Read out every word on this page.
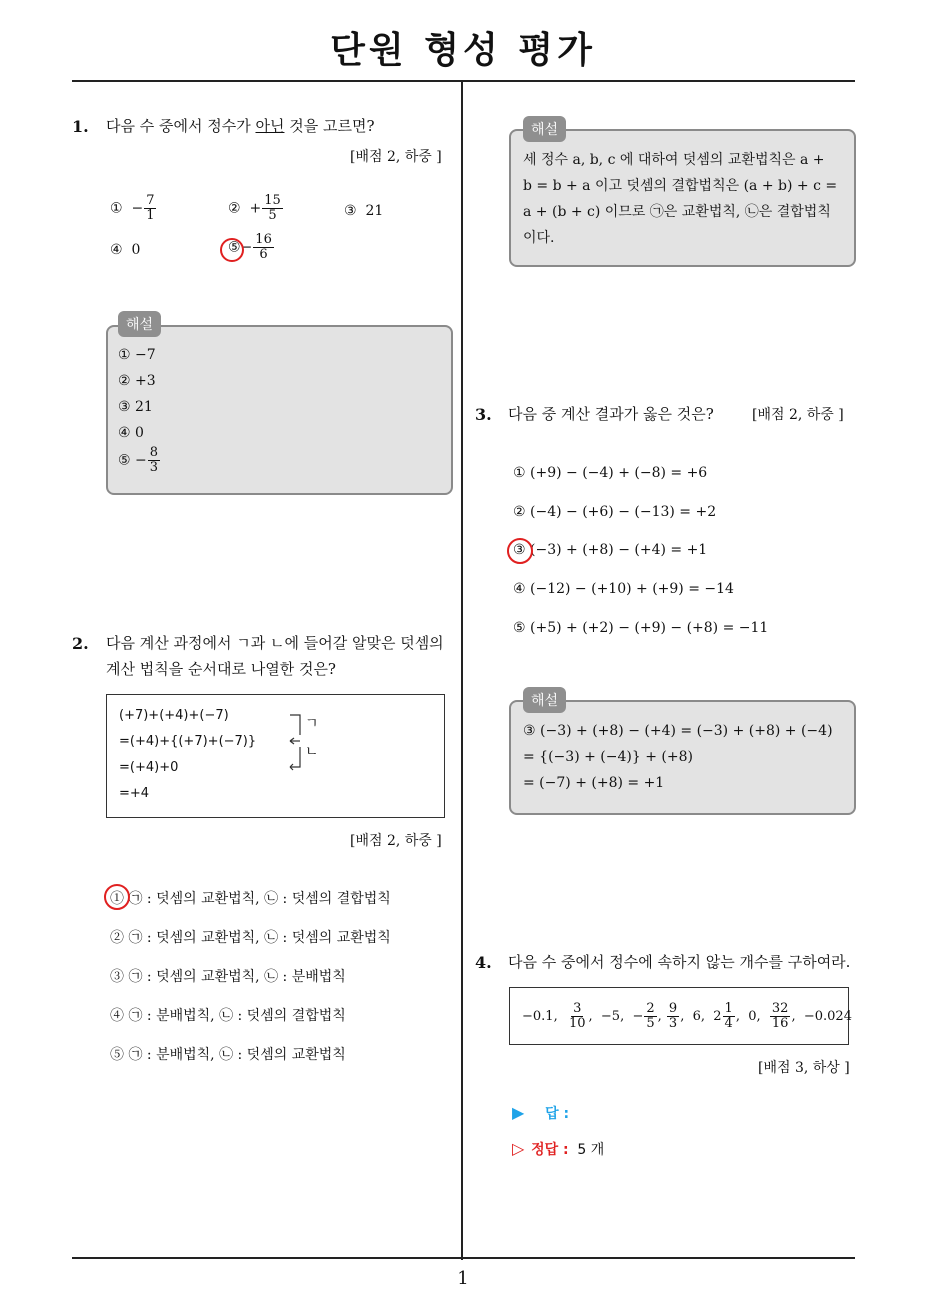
단원 형성 평가
1
1. 다음 수 중에서 정수가 아닌 것을 고르면?
[배점 2, 하중 ]
① − $\frac{7}{1}$	② + $\frac{15}{5}$	③ 21
④ 0	⑤− $\frac{16}{6}$
① −7
② +3
③ 21
④ 0
⑤ − $\frac{8}{3}$
해설
2. 다음 계산 과정에서 ㄱ과 ㄴ에 들어갈 알맞은 덧셈의
계산 법칙을 순서대로 나열한 것은?
(+7)+(+4)+(−7)
=(+4)+{(+7)+(−7)}
=(+4)+0
=+4
ㄱ
ㄴ
[배점 2, 하중 ]
① ㉠ : 덧셈의 교환법칙, ㉡ : 덧셈의 결합법칙
② ㉠ : 덧셈의 교환법칙, ㉡ : 덧셈의 교환법칙
③ ㉠ : 덧셈의 교환법칙, ㉡ : 분배법칙
④ ㉠ : 분배법칙, ㉡ : 덧셈의 결합법칙
⑤ ㉠ : 분배법칙, ㉡ : 덧셈의 교환법칙
세 정수 a, b, c 에 대하여 덧셈의 교환법칙은 a +
b = b + a 이고 덧셈의 결합법칙은 (a + b) + c =
a + (b + c) 이므로 ㉠은 교환법칙, ㉡은 결합법칙
이다.
해설
3. 다음 중 계산 결과가 옳은 것은?	[배점 2, 하중 ]
① (+9) − (−4) + (−8) = +6
② (−4) − (+6) − (−13) = +2
③ (−3) + (+8) − (+4) = +1
④ (−12) − (+10) + (+9) = −14
⑤ (+5) + (+2) − (+9) − (+8) = −11
③ (−3) + (+8) − (+4) = (−3) + (+8) + (−4)
= {(−3) + (−4)} + (+8)
= (−7) + (+8) = +1
해설
4. 다음 수 중에서 정수에 속하지 않는 개수를 구하여라.
−0.1, $\frac{3}{10}$ ,  −5,  − $\frac{2}{5}$ , $\frac{9}{3}$ ,  6,  $2 \frac{1}{4}$ ,  0, $\frac{32}{16}$ ,  −0.024
[배점 3, 하상 ]
▶ 답 :
▷ 정답 : 5 개
